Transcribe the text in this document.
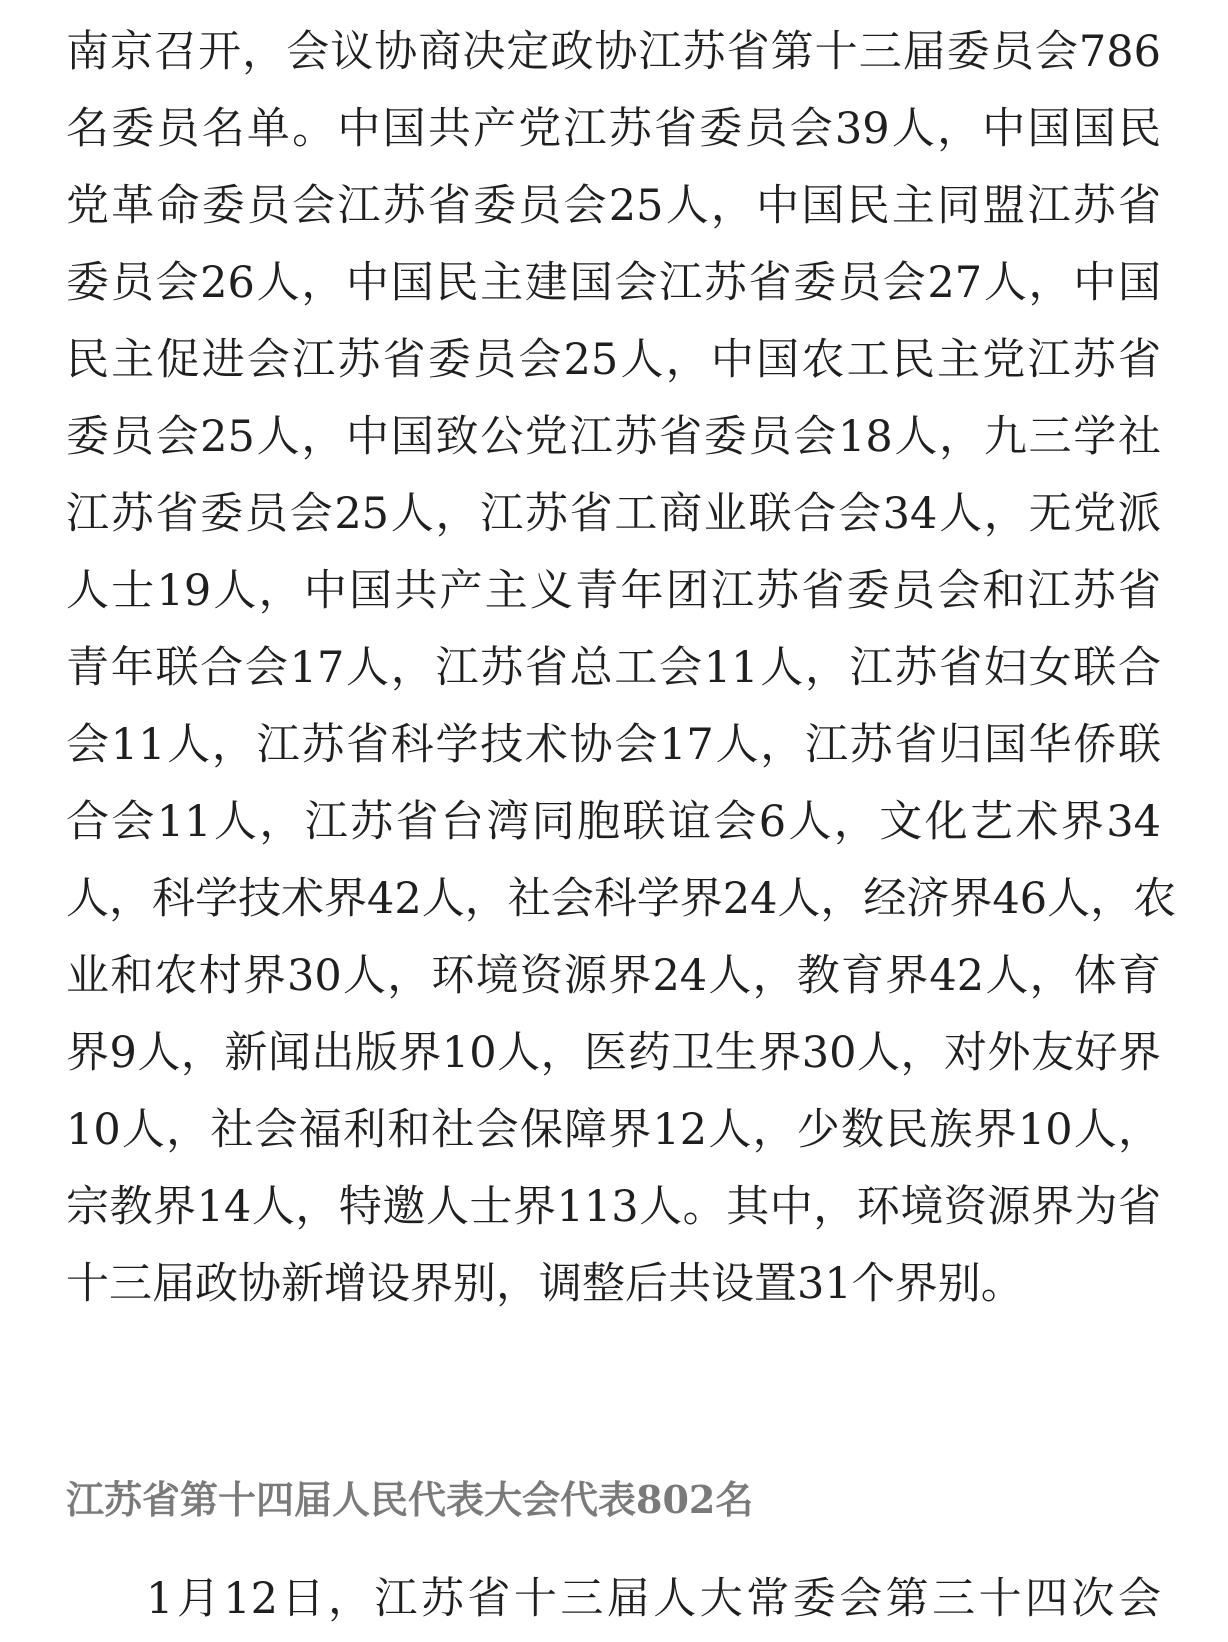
南京召开，会议协商决定政协江苏省第十三届委员会786
名委员名单。中国共产党江苏省委员会39人，中国国民
党革命委员会江苏省委员会25人，中国民主同盟江苏省
委员会26人，中国民主建国会江苏省委员会27人，中国
民主促进会江苏省委员会25人，中国农工民主党江苏省
委员会25人，中国致公党江苏省委员会18人，九三学社
江苏省委员会25人，江苏省工商业联合会34人，无党派
人士19人，中国共产主义青年团江苏省委员会和江苏省
青年联合会17人，江苏省总工会11人，江苏省妇女联合
会11人，江苏省科学技术协会17人，江苏省归国华侨联
合会11人，江苏省台湾同胞联谊会6人，文化艺术界34
人，科学技术界42人，社会科学界24人，经济界46人，农
业和农村界30人，环境资源界24人，教育界42人，体育
界9人，新闻出版界10人，医药卫生界30人，对外友好界
10人，社会福利和社会保障界12人，少数民族界10人，
宗教界14人，特邀人士界113人。其中，环境资源界为省
十三届政协新增设界别，调整后共设置31个界别。
江苏省第十四届人民代表大会代表802名
1月12日，江苏省十三届人大常委会第三十四次会
